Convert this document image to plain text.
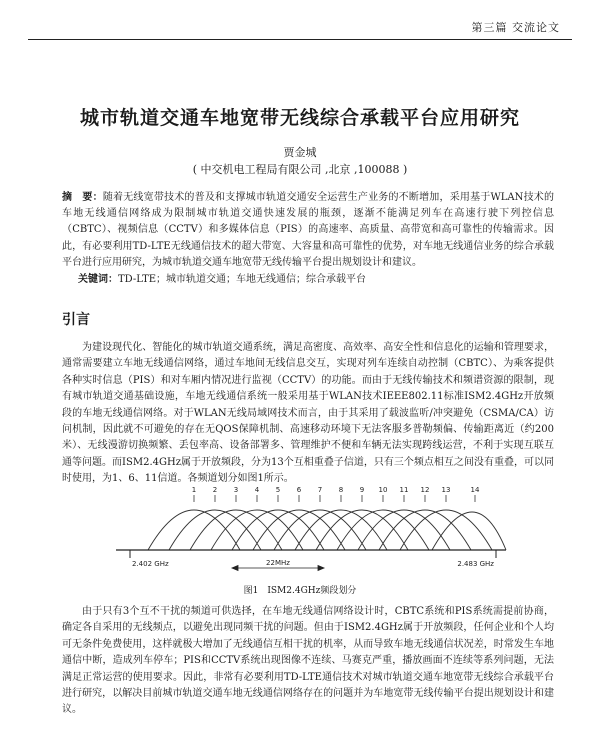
第三篇 交流论文
城市轨道交通车地宽带无线综合承载平台应用研究
贾金城
( 中交机电工程局有限公司 ,北京 ,100088 )

摘　要：随着无线宽带技术的普及和支撑城市轨道交通安全运营生产业务的不断增加，采用基于WLAN技术的车地无线通信网络成为限制城市轨道交通快速发展的瓶颈，逐渐不能满足列车在高速行驶下列控信息（CBTC）、视频信息（CCTV）和多媒体信息（PIS）的高速率、高质量、高带宽和高可靠性的传输需求。因此，有必要利用TD-LTE无线通信技术的超大带宽、大容量和高可靠性的优势，对车地无线通信业务的综合承载平台进行应用研究，为城市轨道交通车地宽带无线传输平台提出规划设计和建议。

关键词：TD-LTE；城市轨道交通；车地无线通信；综合承载平台

引言

为建设现代化、智能化的城市轨道交通系统，满足高密度、高效率、高安全性和信息化的运输和管理要求，通常需要建立车地无线通信网络，通过车地间无线信息交互，实现对列车连续自动控制（CBTC）、为乘客提供各种实时信息（PIS）和对车厢内情况进行监视（CCTV）的功能。而由于无线传输技术和频谱资源的限制，现有城市轨道交通基础设施，车地无线通信系统一般采用基于WLAN技术IEEE802.11标准ISM2.4GHz开放频段的车地无线通信网络。对于WLAN无线局域网技术而言，由于其采用了载波监听/冲突避免（CSMA/CA）访问机制，因此就不可避免的存在无QOS保障机制、高速移动环境下无法客服多普勒频偏、传输距离近（约200米）、无线漫游切换频繁、丢包率高、设备部署多、管理维护不便和车辆无法实现跨线运营，不利于实现互联互通等问题。而ISM2.4GHz属于开放频段，分为13个互相重叠子信道，只有三个频点相互之间没有重叠，可以同时使用，为1、6、11信道。各频道划分如图1所示。

1 2 3 4 5 6 7 8 9 10 11 12 13	14
2.402 GHz	22MHz	2.483 GHz
图1　ISM2.4GHz频段划分

由于只有3个互不干扰的频道可供选择，在车地无线通信网络设计时，CBTC系统和PIS系统需提前协商，确定各自采用的无线频点，以避免出现同频干扰的问题。但由于ISM2.4GHz属于开放频段，任何企业和个人均可无条件免费使用，这样就极大增加了无线通信互相干扰的机率，从而导致车地无线通信状况差，时常发生车地通信中断，造成列车停车；PIS和CCTV系统出现图像不连续、马赛克严重，播放画面不连续等系列问题，无法满足正常运营的使用要求。因此，非常有必要利用TD-LTE通信技术对城市轨道交通车地宽带无线综合承载平台进行研究，以解决目前城市轨道交通车地无线通信网络存在的问题并为车地宽带无线传输平台提出规划设计和建议。
